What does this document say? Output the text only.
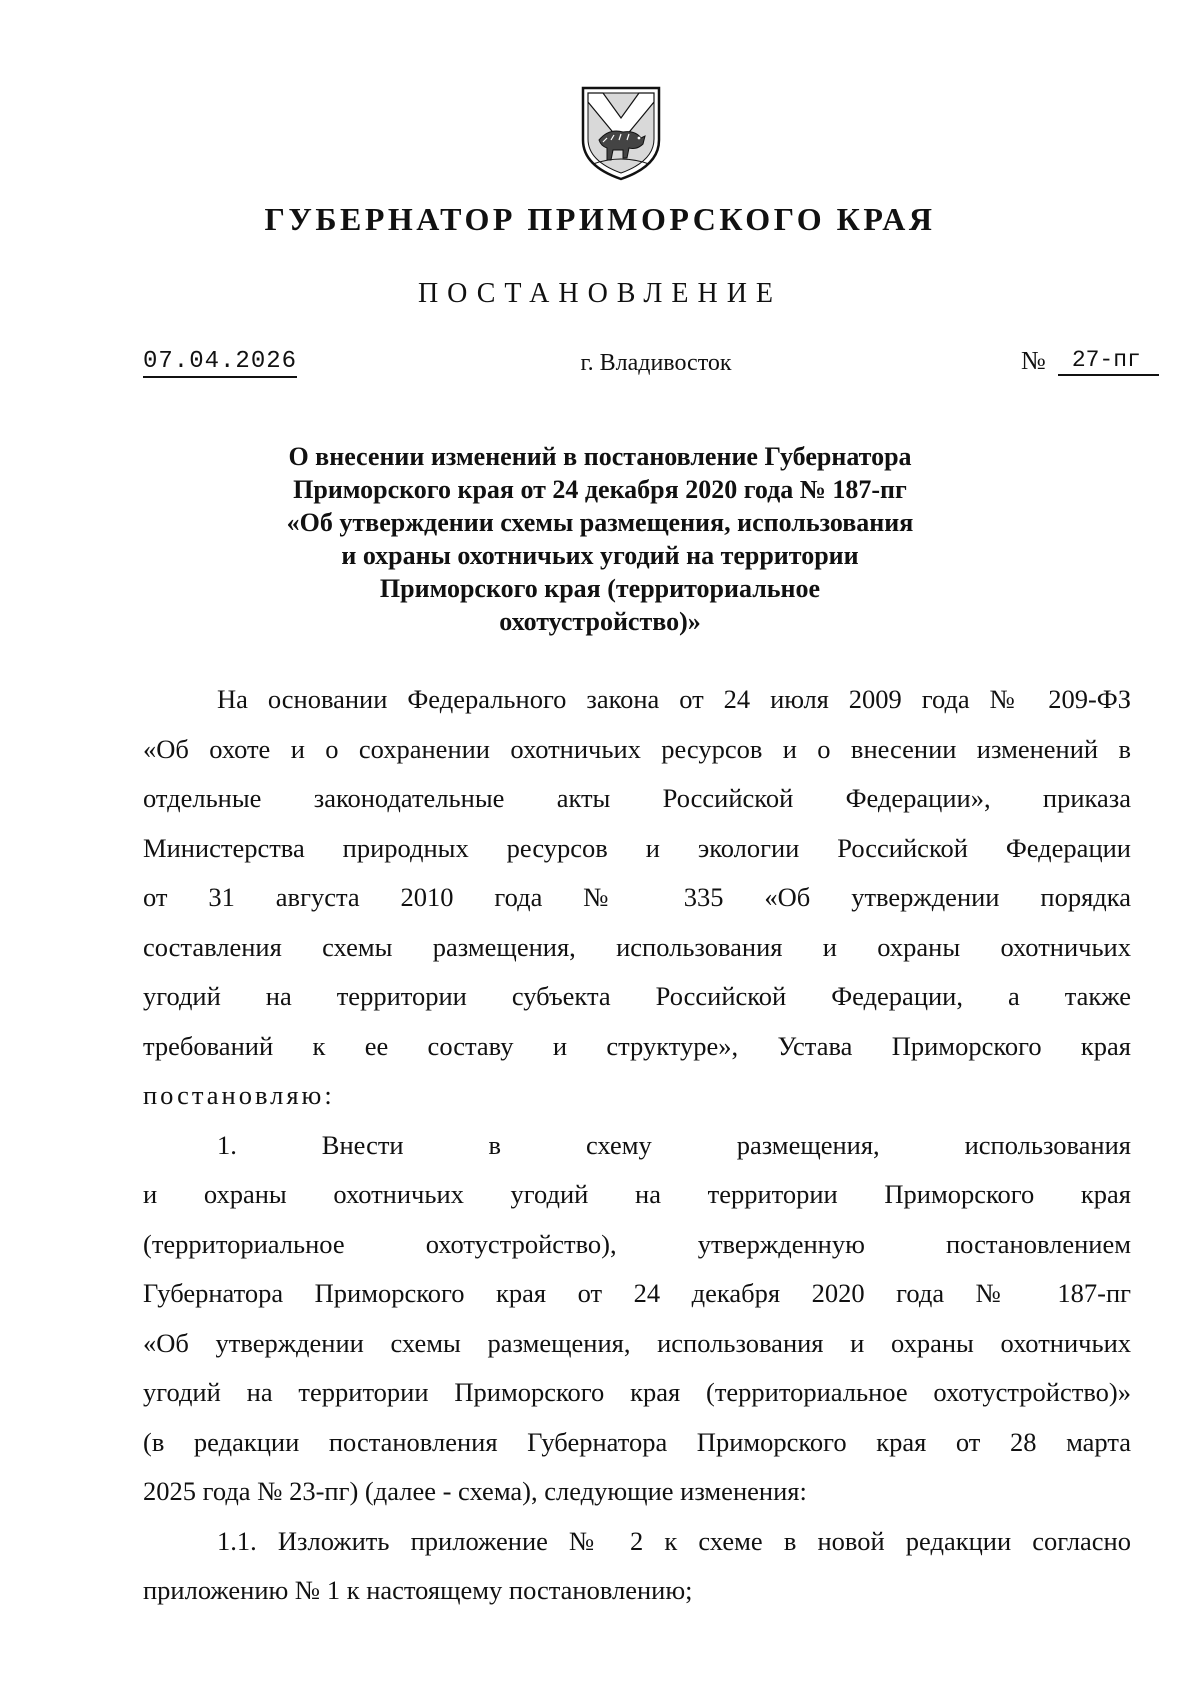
ГУБЕРНАТОР ПРИМОРСКОГО КРАЯ
ПОСТАНОВЛЕНИЕ
07.04.2026	г. Владивосток	№	27-пг
О внесении изменений в постановление Губернатора
Приморского края от 24 декабря 2020 года № 187-пг
«Об утверждении схемы размещения, использования
и охраны охотничьих угодий на территории
Приморского края (территориальное
охотустройство)»
На основании Федерального закона от 24 июля 2009 года № 209-ФЗ
«Об охоте и о сохранении охотничьих ресурсов и о внесении изменений в
отдельные законодательные акты Российской Федерации», приказа
Министерства природных ресурсов и экологии Российской Федерации
от 31 августа 2010 года № 335 «Об утверждении порядка
составления схемы размещения, использования и охраны охотничьих
угодий на территории субъекта Российской Федерации, а также
требований к ее составу и структуре», Устава Приморского края
постановляю:
1. Внести в схему размещения, использования
и охраны охотничьих угодий на территории Приморского края
(территориальное охотустройство), утвержденную постановлением
Губернатора Приморского края от 24 декабря 2020 года № 187-пг
«Об утверждении схемы размещения, использования и охраны охотничьих
угодий на территории Приморского края (территориальное охотустройство)»
(в редакции постановления Губернатора Приморского края от 28 марта
2025 года № 23-пг) (далее - схема), следующие изменения:
1.1. Изложить приложение № 2 к схеме в новой редакции согласно
приложению № 1 к настоящему постановлению;
